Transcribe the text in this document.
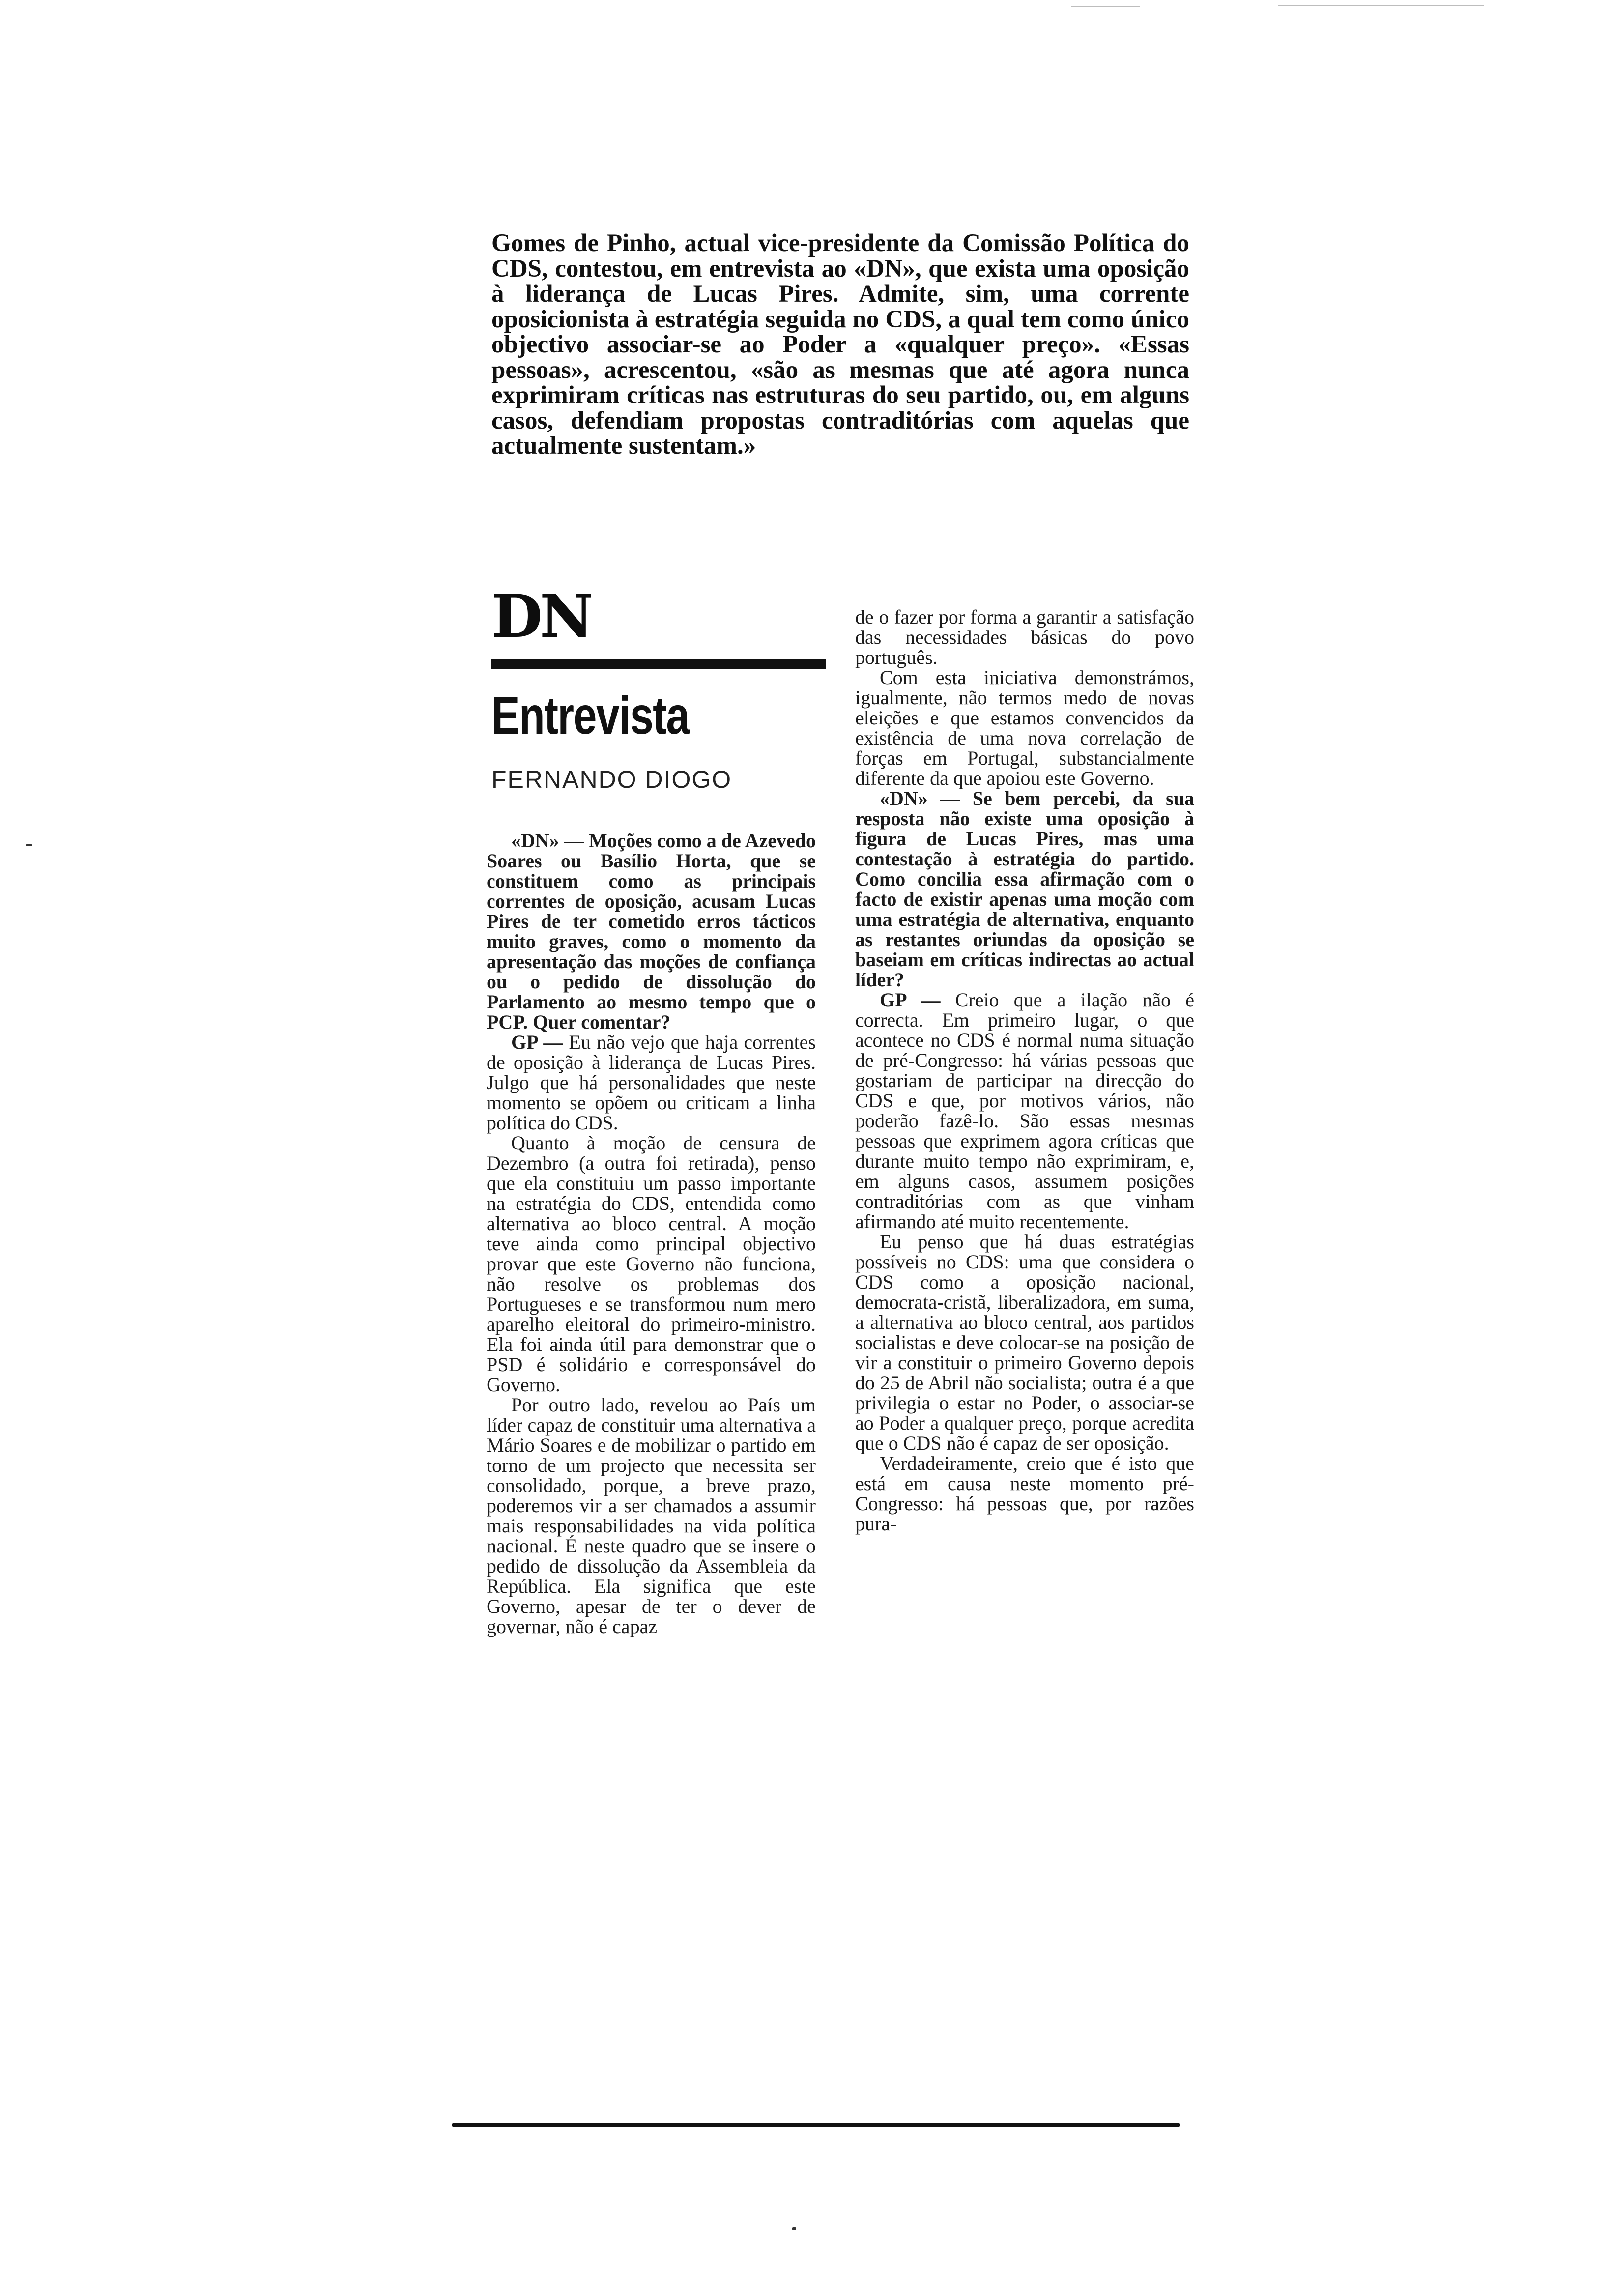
Gomes de Pinho, actual vice-presidente da Comissão Política do CDS, contestou, em entrevista ao «DN», que exista uma oposição à liderança de Lucas Pires. Admite, sim, uma corrente oposicionista à estratégia seguida no CDS, a qual tem como único objectivo associar-se ao Poder a «qualquer preço». «Essas pessoas», acrescentou, «são as mesmas que até agora nunca exprimiram críticas nas estruturas do seu partido, ou, em alguns casos, defendiam propostas contraditórias com aquelas que actualmente sustentam.»

DN
Entrevista
FERNANDO DIOGO

«DN» — Moções como a de Azevedo Soares ou Basílio Horta, que se constituem como as principais correntes de oposição, acusam Lucas Pires de ter cometido erros tácticos muito graves, como o momento da apresentação das moções de confiança ou o pedido de dissolução do Parlamento ao mesmo tempo que o PCP. Quer comentar?

GP — Eu não vejo que haja correntes de oposição à liderança de Lucas Pires. Julgo que há personalidades que neste momento se opõem ou criticam a linha política do CDS.

Quanto à moção de censura de Dezembro (a outra foi retirada), penso que ela constituiu um passo importante na estratégia do CDS, entendida como alternativa ao bloco central. A moção teve ainda como principal objectivo provar que este Governo não funciona, não resolve os problemas dos Portugueses e se transformou num mero aparelho eleitoral do primeiro-ministro. Ela foi ainda útil para demonstrar que o PSD é solidário e corresponsável do Governo.

Por outro lado, revelou ao País um líder capaz de constituir uma alternativa a Mário Soares e de mobilizar o partido em torno de um projecto que necessita ser consolidado, porque, a breve prazo, poderemos vir a ser chamados a assumir mais responsabilidades na vida política nacional. É neste quadro que se insere o pedido de dissolução da Assembleia da República. Ela significa que este Governo, apesar de ter o dever de governar, não é capaz

de o fazer por forma a garantir a satisfação das necessidades básicas do povo português.

Com esta iniciativa demonstrámos, igualmente, não termos medo de novas eleições e que estamos convencidos da existência de uma nova correlação de forças em Portugal, substancialmente diferente da que apoiou este Governo.

«DN» — Se bem percebi, da sua resposta não existe uma oposição à figura de Lucas Pires, mas uma contestação à estratégia do partido. Como concilia essa afirmação com o facto de existir apenas uma moção com uma estratégia de alternativa, enquanto as restantes oriundas da oposição se baseiam em críticas indirectas ao actual líder?

GP — Creio que a ilação não é correcta. Em primeiro lugar, o que acontece no CDS é normal numa situação de pré-Congresso: há várias pessoas que gostariam de participar na direcção do CDS e que, por motivos vários, não poderão fazê-lo. São essas mesmas pessoas que exprimem agora críticas que durante muito tempo não exprimiram, e, em alguns casos, assumem posições contraditórias com as que vinham afirmando até muito recentemente.

Eu penso que há duas estratégias possíveis no CDS: uma que considera o CDS como a oposição nacional, democrata-cristã, liberalizadora, em suma, a alternativa ao bloco central, aos partidos socialistas e deve colocar-se na posição de vir a constituir o primeiro Governo depois do 25 de Abril não socialista; outra é a que privilegia o estar no Poder, o associar-se ao Poder a qualquer preço, porque acredita que o CDS não é capaz de ser oposição.

Verdadeiramente, creio que é isto que está em causa neste momento pré-Congresso: há pessoas que, por razões pura-
